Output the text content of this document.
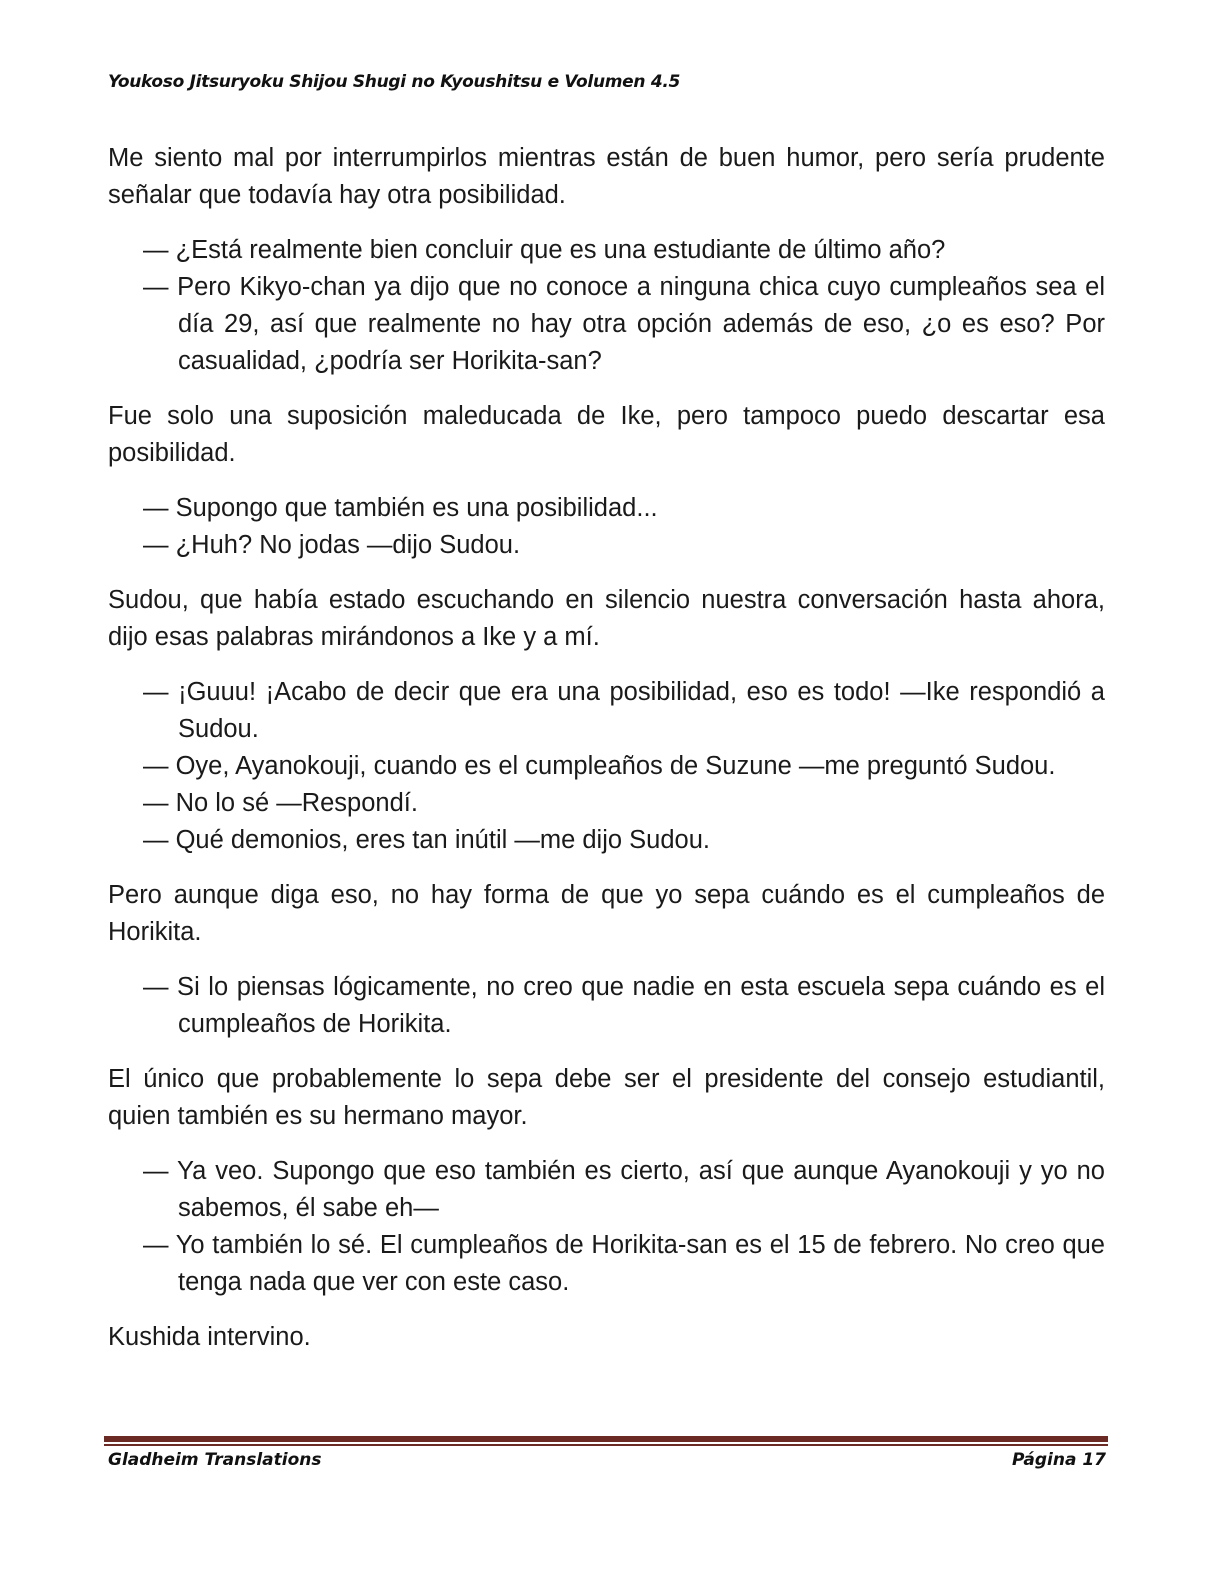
Youkoso Jitsuryoku Shijou Shugi no Kyoushitsu e Volumen 4.5

Me siento mal por interrumpirlos mientras están de buen humor, pero sería prudente señalar que todavía hay otra posibilidad.

— ¿Está realmente bien concluir que es una estudiante de último año?

— Pero Kikyo-chan ya dijo que no conoce a ninguna chica cuyo cumpleaños sea el día 29, así que realmente no hay otra opción además de eso, ¿o es eso? Por casualidad, ¿podría ser Horikita-san?

Fue solo una suposición maleducada de Ike, pero tampoco puedo descartar esa posibilidad.

— Supongo que también es una posibilidad...

— ¿Huh? No jodas —dijo Sudou.

Sudou, que había estado escuchando en silencio nuestra conversación hasta ahora, dijo esas palabras mirándonos a Ike y a mí.

— ¡Guuu! ¡Acabo de decir que era una posibilidad, eso es todo! —Ike respondió a Sudou.

— Oye, Ayanokouji, cuando es el cumpleaños de Suzune —me preguntó Sudou.

— No lo sé —Respondí.

— Qué demonios, eres tan inútil —me dijo Sudou.

Pero aunque diga eso, no hay forma de que yo sepa cuándo es el cumpleaños de Horikita.

— Si lo piensas lógicamente, no creo que nadie en esta escuela sepa cuándo es el cumpleaños de Horikita.

El único que probablemente lo sepa debe ser el presidente del consejo estudiantil, quien también es su hermano mayor.

— Ya veo. Supongo que eso también es cierto, así que aunque Ayanokouji y yo no sabemos, él sabe eh—

— Yo también lo sé. El cumpleaños de Horikita-san es el 15 de febrero. No creo que tenga nada que ver con este caso.

Kushida intervino.

Gladheim Translations	Página 17
